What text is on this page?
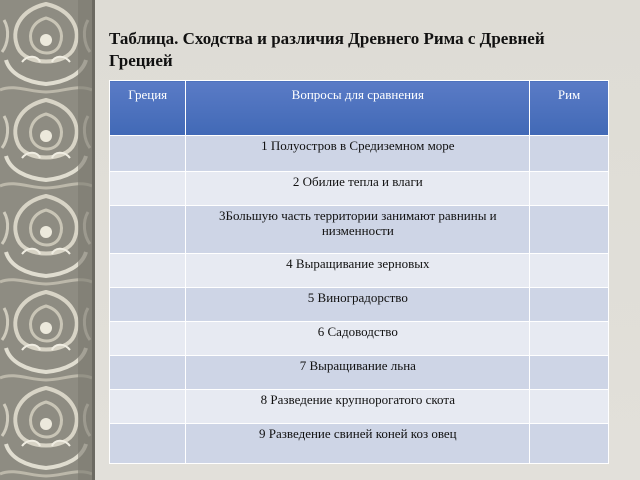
Таблица. Сходства и различия Древнего Рима с Древней Грецией
Греция	Вопросы для сравнения	Рим
	1 Полуостров в Средиземном море	
	2 Обилие тепла и влаги	
	3Большую часть территории занимают равнины и низменности	
	4 Выращивание зерновых	
	5 Виноградорство	
	6 Садоводство	
	7 Выращивание льна	
	8 Разведение крупнорогатого скота	
	9 Разведение свиней коней коз овец	
